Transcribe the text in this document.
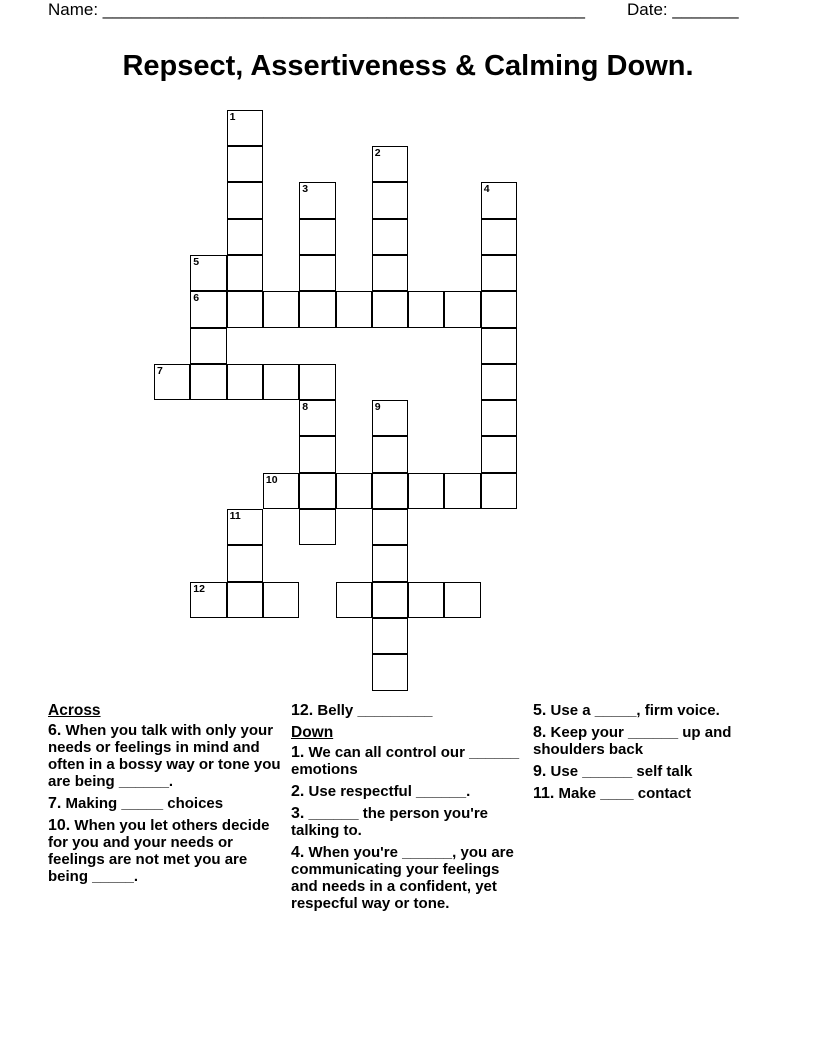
Name: ___________________________________________________ Date: _______
Repsect, Assertiveness & Calming Down.
1
2
3	4
5
6
7
8	9
10
11
12
Across
6. When you talk with only your needs or feelings in mind and often in a bossy way or tone you are being ______.
7. Making _____ choices
10. When you let others decide for you and your needs or feelings are not met you are being _____.
12. Belly _________
Down
1. We can all control our ______ emotions
2. Use respectful ______.
3. ______ the person you're talking to.
4. When you're ______, you are communicating your feelings and needs in a confident, yet respecful way or tone.
5. Use a _____, firm voice.
8. Keep your ______ up and shoulders back
9. Use ______ self talk
11. Make ____ contact
